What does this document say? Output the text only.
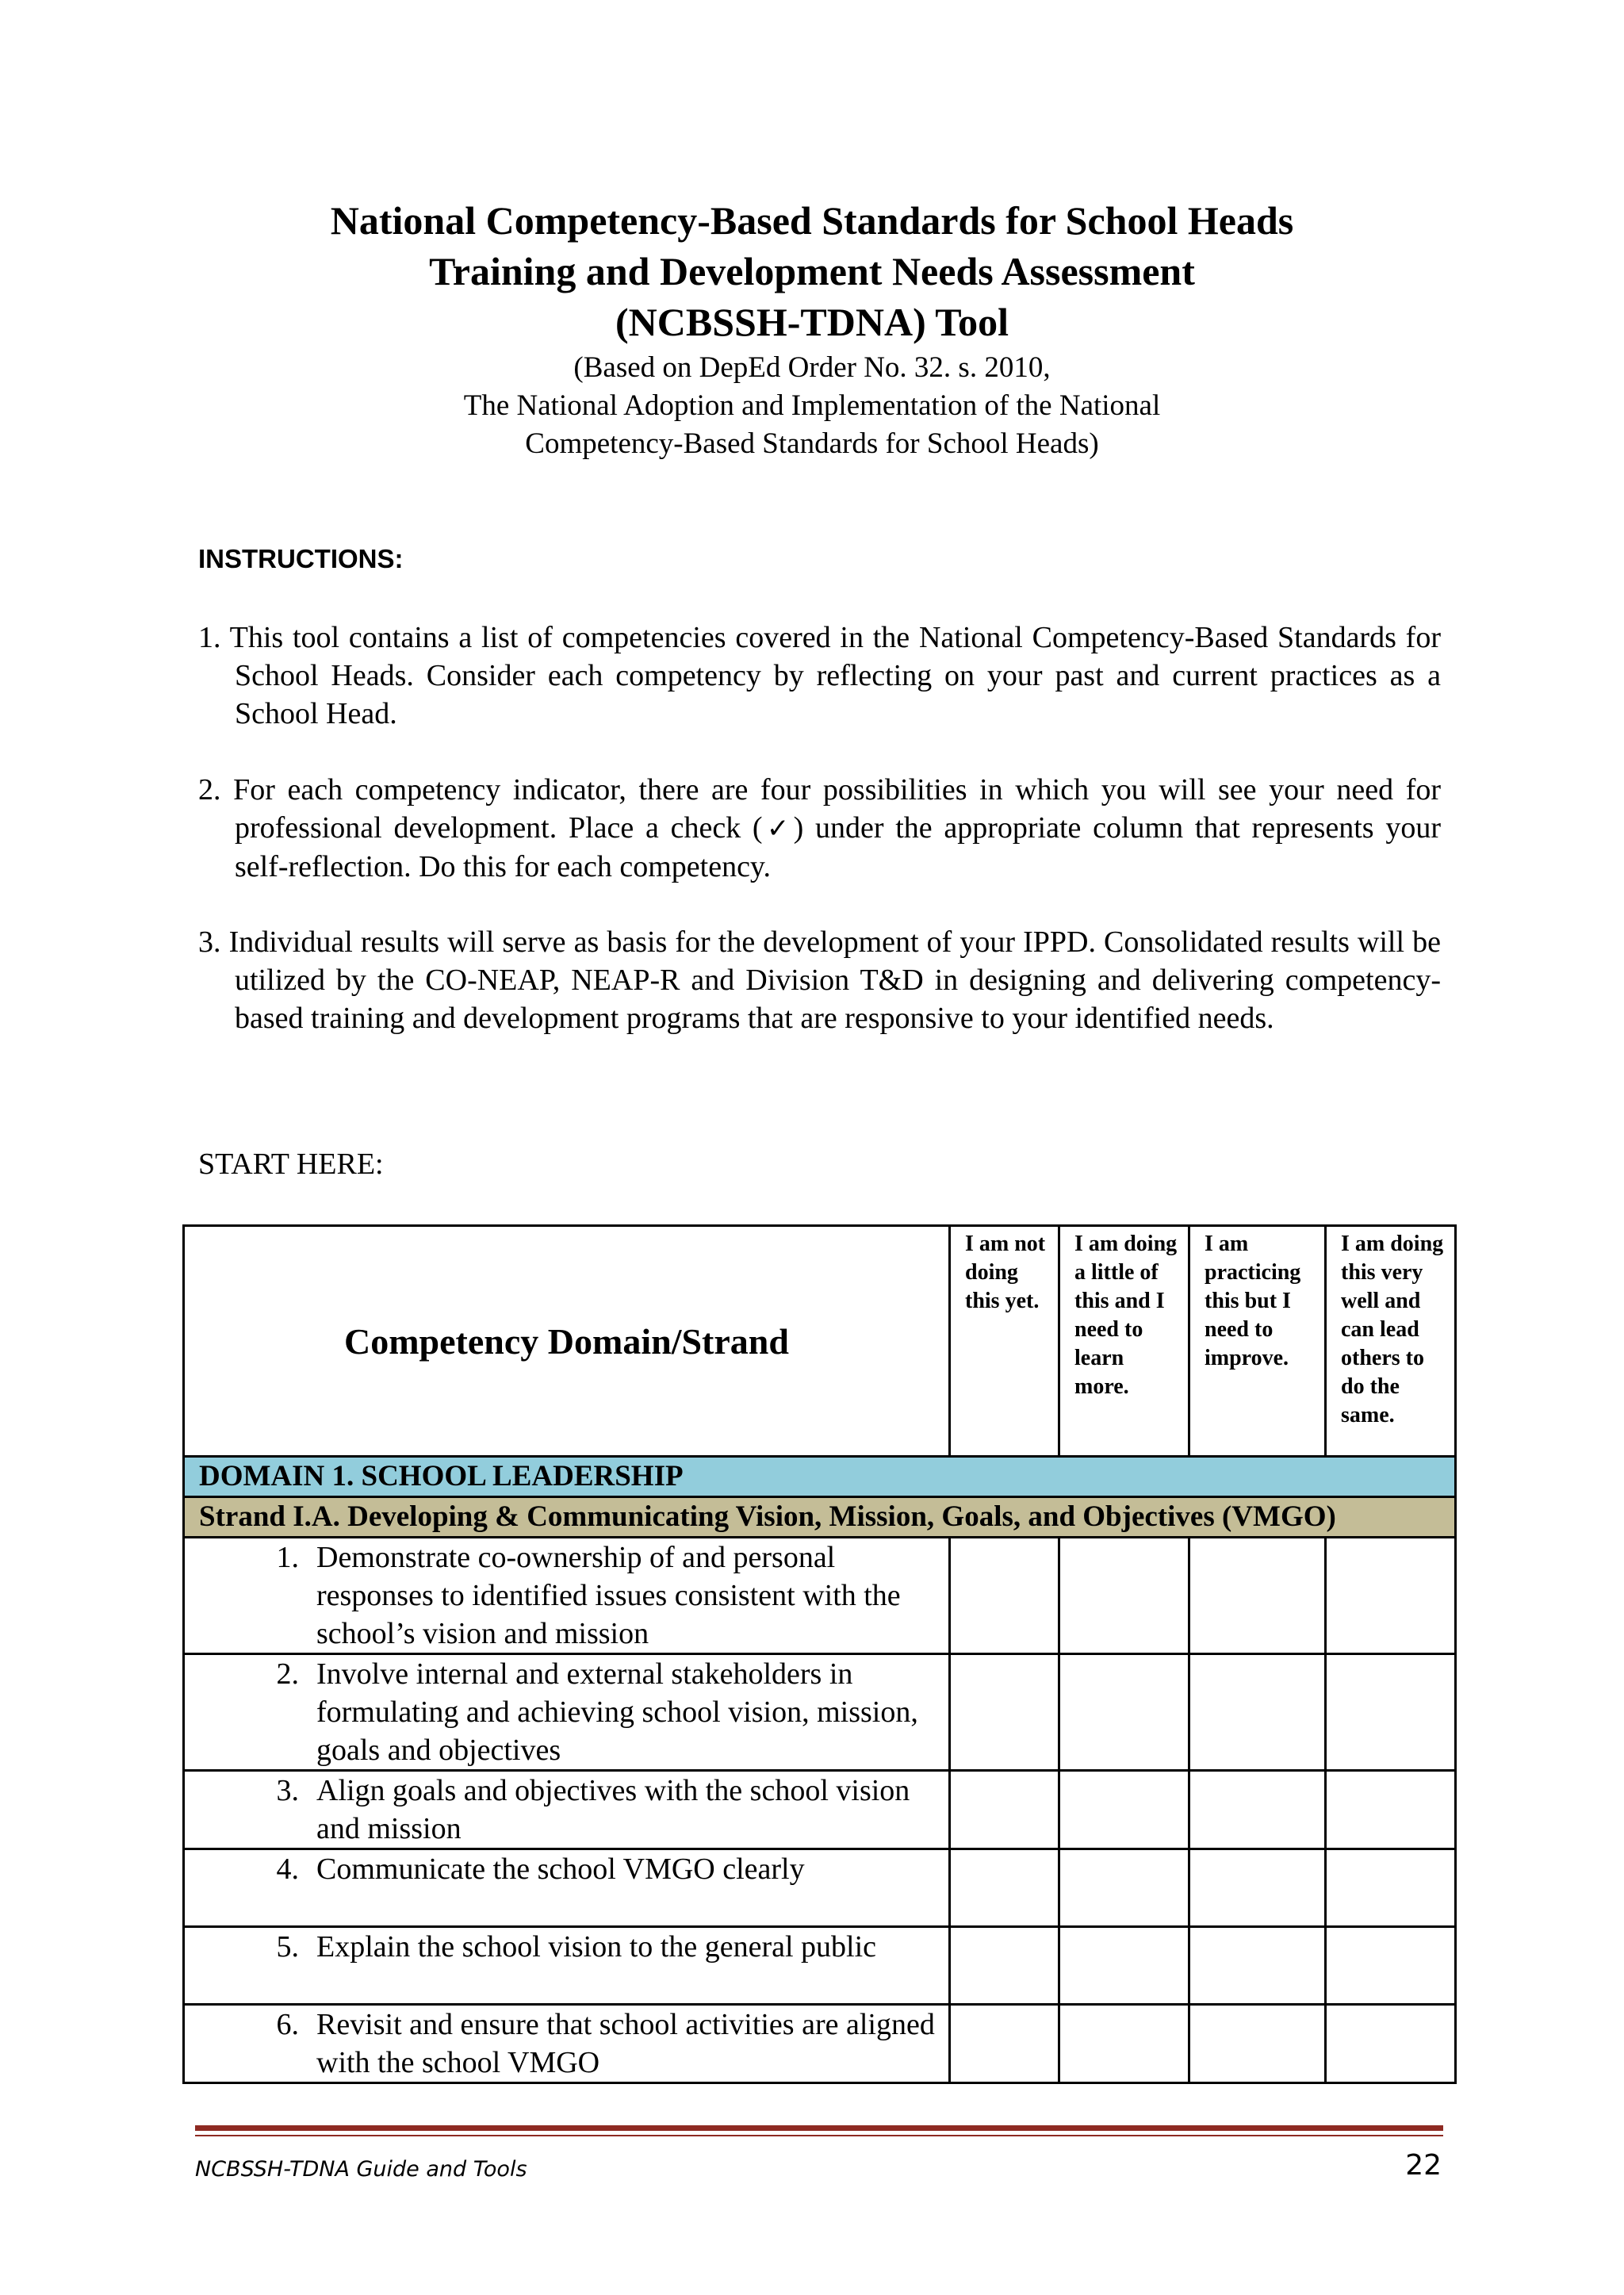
National Competency-Based Standards for School Heads

Training and Development Needs Assessment

(NCBSSH-TDNA) Tool

(Based on DepEd Order No. 32. s. 2010,

The National Adoption and Implementation of the National

Competency-Based Standards for School Heads)

INSTRUCTIONS:
1. This tool contains a list of competencies covered in the National Competency-Based Standards for School Heads. Consider each competency by reflecting on your past and current practices as a School Head.
2. For each competency indicator, there are four possibilities in which you will see your need for professional development. Place a check (✓) under the appropriate column that represents your self-reflection. Do this for each competency.
3. Individual results will serve as basis for the development of your IPPD. Consolidated results will be utilized by the CO-NEAP, NEAP-R and Division T&D in designing and delivering competency-based training and development programs that are responsive to your identified needs.
START HERE:
Competency Domain/Strand	I am not doing this yet.	I am doing a little of this and I need to learn more.	I am practicing this but I need to improve.	I am doing this very well and can lead others to do the same.
DOMAIN 1. SCHOOL LEADERSHIP				
Strand I.A. Developing & Communicating Vision, Mission, Goals, and Objectives (VMGO)				

1. Demonstrate co-ownership of and personal responses to identified issues consistent with the school’s vision and mission				

2. Involve internal and external stakeholders in formulating and achieving school vision, mission, goals and objectives				

3. Align goals and objectives with the school vision and mission				

4. Communicate the school VMGO clearly				

5. Explain the school vision to the general public				

6. Revisit and ensure that school activities are aligned with the school VMGO				

NCBSSH-TDNA Guide and Tools	22
